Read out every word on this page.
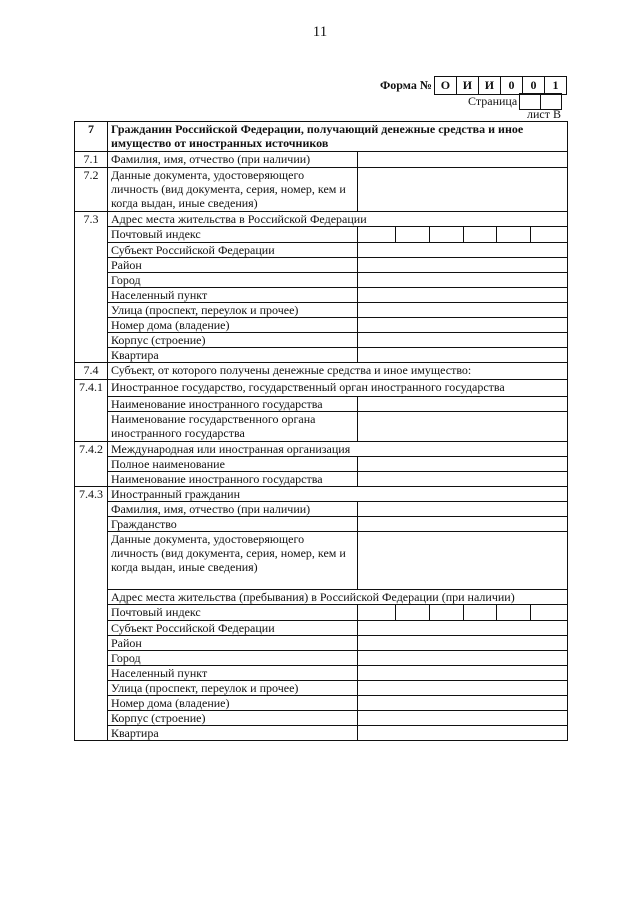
11
Форма № О	И	И	0	0	1
Страница
лист В
7	Гражданин Российской Федерации, получающий денежные средства и иное имущество от иностранных источников	
7.1	Фамилия, имя, отчество (при наличии)	
7.2	Данные документа, удостоверяющего личность (вид документа, серия, номер, кем и когда выдан, иные сведения)	
7.3	Адрес места жительства в Российской Федерации	
	Почтовый индекс	

	Субъект Российской Федерации	
	Район	
	Город	
	Населенный пункт	
	Улица (проспект, переулок и прочее)	
	Номер дома (владение)	
	Корпус (строение)	
	Квартира	
7.4	Субъект, от которого получены денежные средства и иное имущество:	
7.4.1	Иностранное государство, государственный орган иностранного государства	
	Наименование иностранного государства	
	Наименование государственного органа иностранного государства	
7.4.2	Международная или иностранная организация	
	Полное наименование	
	Наименование иностранного государства	
7.4.3	Иностранный гражданин	
	Фамилия, имя, отчество (при наличии)	
	Гражданство	
	Данные документа, удостоверяющего личность (вид документа, серия, номер, кем и когда выдан, иные сведения)	
	Адрес места жительства (пребывания) в Российской Федерации (при наличии)	
	Почтовый индекс	

	Субъект Российской Федерации	
	Район	
	Город	
	Населенный пункт	
	Улица (проспект, переулок и прочее)	
	Номер дома (владение)	
	Корпус (строение)	
	Квартира	
